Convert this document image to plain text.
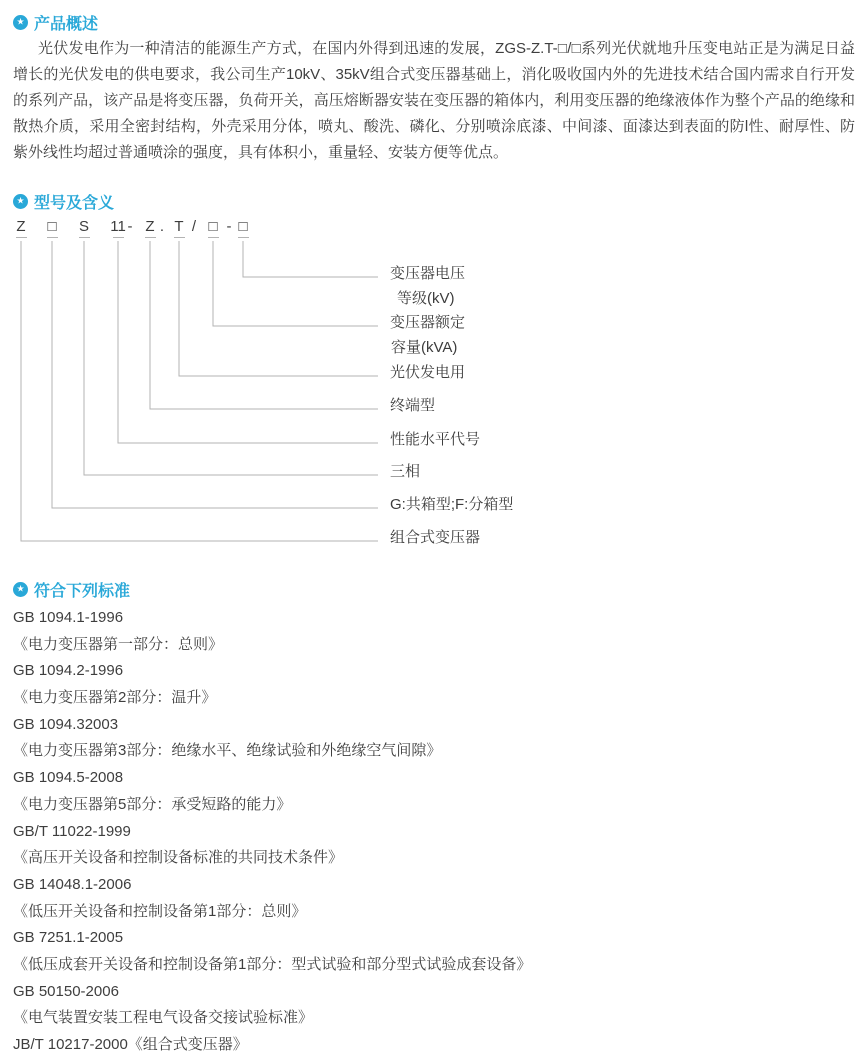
★ 产品概述

光伏发电作为一种清洁的能源生产方式，在国内外得到迅速的发展，ZGS-Z.T-□/□系列光伏就地升压变电站正是为满足日益增长的光伏发电的供电要求，我公司生产10kV、35kV组合式变压器基础上，消化吸收国内外的先进技术结合国内需求自行开发的系列产品，该产品是将变压器，负荷开关，高压熔断器安装在变压器的箱体内，利用变压器的绝缘液体作为整个产品的绝缘和散热介质，采用全密封结构，外壳采用分体，喷丸、酸洗、磷化、分别喷涂底漆、中间漆、面漆达到表面的防l性、耐厚性、防紫外线性均超过普通喷涂的强度，具有体积小，重量轻、安装方便等优点。

★ 型号及含义
Z □ S 11 - Z . T / □ - □
组合式变压器
G:共箱型;F:分箱型
三相
性能水平代号
终端型
光伏发电用
变压器额定
容量(kVA)
变压器电压
等级(kV)
★ 符合下列标准
GB 1094.1-1996
《电力变压器第一部分：总则》
GB 1094.2-1996
《电力变压器第2部分：温升》
GB 1094.32003
《电力变压器第3部分：绝缘水平、绝缘试验和外绝缘空气间隙》
GB 1094.5-2008
《电力变压器第5部分：承受短路的能力》
GB/T 11022-1999
《高压开关设备和控制设备标准的共同技术条件》
GB 14048.1-2006
《低压开关设备和控制设备第1部分：总则》
GB 7251.1-2005
《低压成套开关设备和控制设备第1部分：型式试验和部分型式试验成套设备》
GB 50150-2006
《电气装置安装工程电气设备交接试验标准》
JB/T 10217-2000《组合式变压器》
